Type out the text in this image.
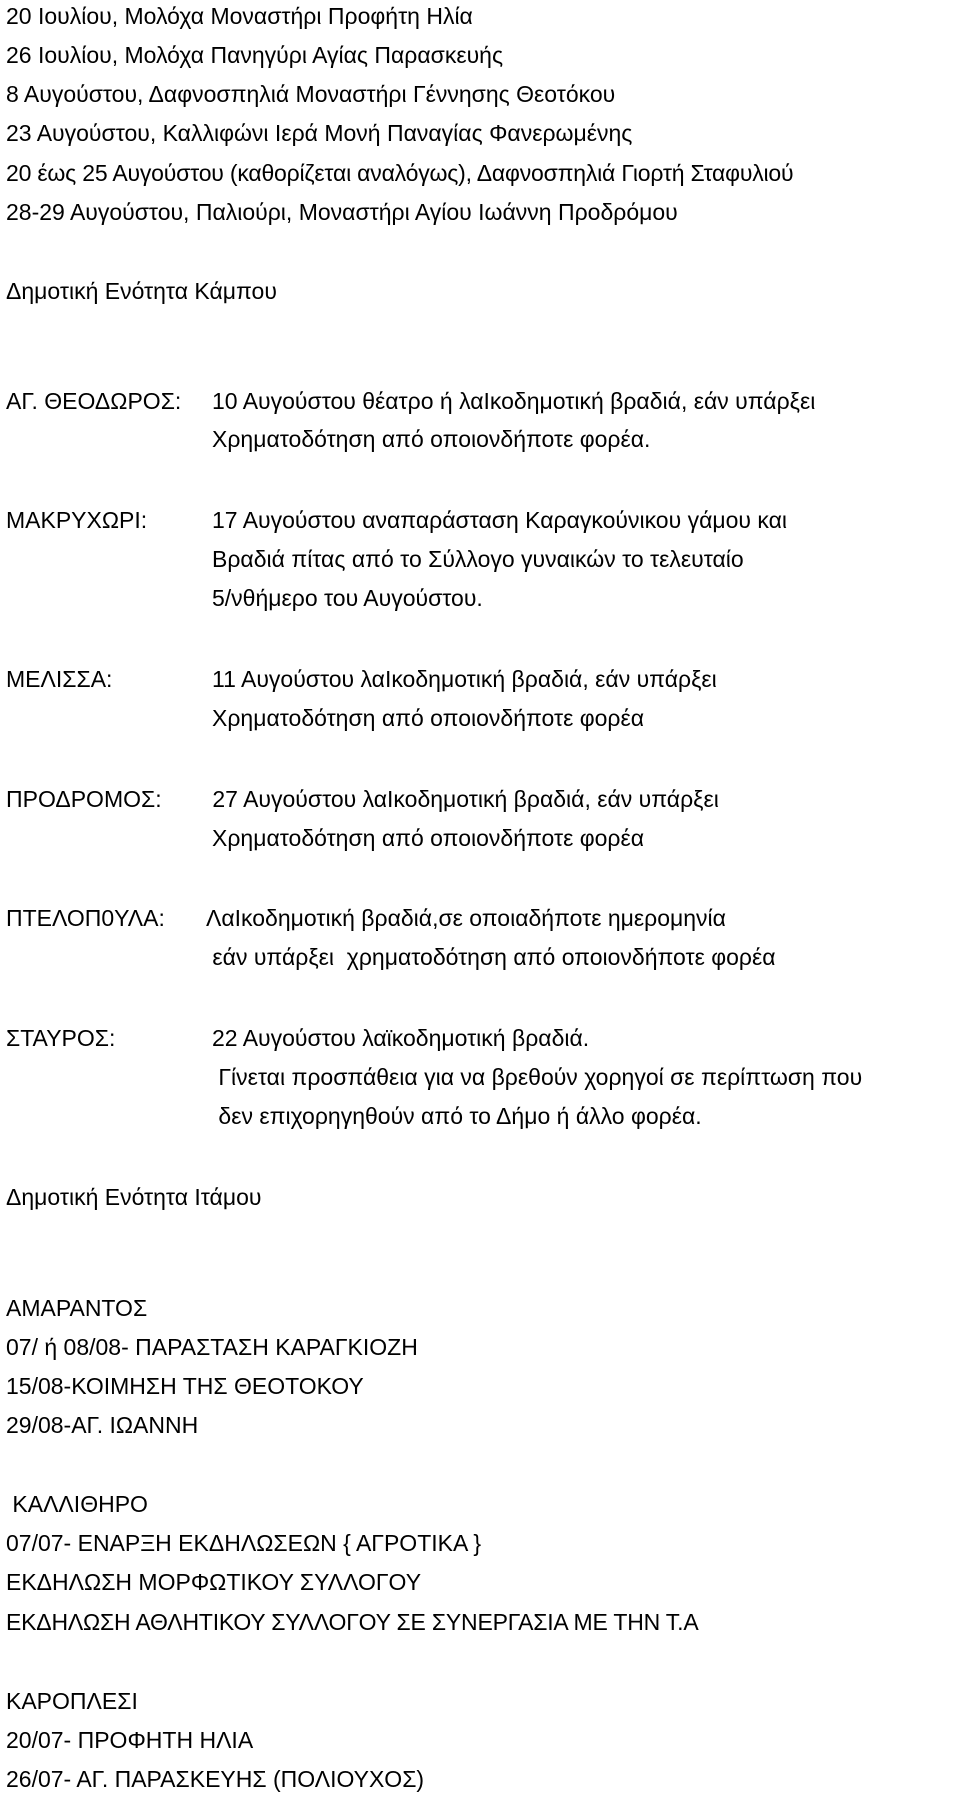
20 Ιουλίου, Μολόχα Μοναστήρι Προφήτη Ηλία
26 Ιουλίου, Μολόχα Πανηγύρι Αγίας Παρασκευής
8 Αυγούστου, Δαφνοσπηλιά Μοναστήρι Γέννησης Θεοτόκου
23 Αυγούστου, Καλλιφώνι Ιερά Μονή Παναγίας Φανερωμένης
20 έως 25 Αυγούστου (καθορίζεται αναλόγως), Δαφνοσπηλιά Γιορτή Σταφυλιού
28-29 Αυγούστου, Παλιούρι, Μοναστήρι Αγίου Ιωάννη Προδρόμου
Δημοτική Ενότητα Κάμπου
ΑΓ. ΘΕΟΔΩΡΟΣ: 10 Αυγούστου θέατρο ή λαΙκοδημοτική βραδιά, εάν υπάρξει
Χρηματοδότηση από οποιονδήποτε φορέα.
ΜΑΚΡΥΧΩΡΙ:	17 Αυγούστου αναπαράσταση Καραγκούνικου γάμου και
Βραδιά πίτας από το Σύλλογο γυναικών το τελευταίο
5/νθήμερο του Αυγούστου.
ΜΕΛΙΣΣΑ:	11 Αυγούστου λαΙκοδημοτική βραδιά, εάν υπάρξει
Χρηματοδότηση από οποιονδήποτε φορέα
ΠΡΟΔΡΟΜΟΣ: 27 Αυγούστου λαΙκοδημοτική βραδιά, εάν υπάρξει
Χρηματοδότηση από οποιονδήποτε φορέα
ΠΤΕΛΟΠ0ΥΛΑ: ΛαΙκοδημοτική βραδιά,σε οποιαδήποτε ημερομηνία
εάν υπάρξει  χρηματοδότηση από οποιονδήποτε φορέα
ΣΤΑΥΡΟΣ:	22 Αυγούστου λαϊκοδημοτική βραδιά.
Γίνεται προσπάθεια για να βρεθούν χορηγοί σε περίπτωση που
δεν επιχορηγηθούν από το Δήμο ή άλλο φορέα.
Δημοτική Ενότητα Ιτάμου
ΑΜΑΡΑΝΤΟΣ
07/ ή 08/08- ΠΑΡΑΣΤΑΣΗ ΚΑΡΑΓΚΙΟΖΗ
15/08-ΚΟΙΜΗΣΗ ΤΗΣ ΘΕΟΤΟΚΟΥ
29/08-ΑΓ. ΙΩΑΝΝΗ
ΚΑΛΛΙΘΗΡΟ
07/07- ΕΝΑΡΞΗ ΕΚΔΗΛΩΣΕΩΝ { ΑΓΡΟΤΙΚΑ }
ΕΚΔΗΛΩΣΗ ΜΟΡΦΩΤΙΚΟΥ ΣΥΛΛΟΓΟΥ
ΕΚΔΗΛΩΣΗ ΑΘΛΗΤΙΚΟΥ ΣΥΛΛΟΓΟΥ ΣΕ ΣΥΝΕΡΓΑΣΙΑ ΜΕ ΤΗΝ Τ.Α
ΚΑΡΟΠΛΕΣΙ
20/07- ΠΡΟΦΗΤΗ ΗΛΙΑ
26/07- ΑΓ. ΠΑΡΑΣΚΕΥΗΣ (ΠΟΛΙΟΥΧΟΣ)
